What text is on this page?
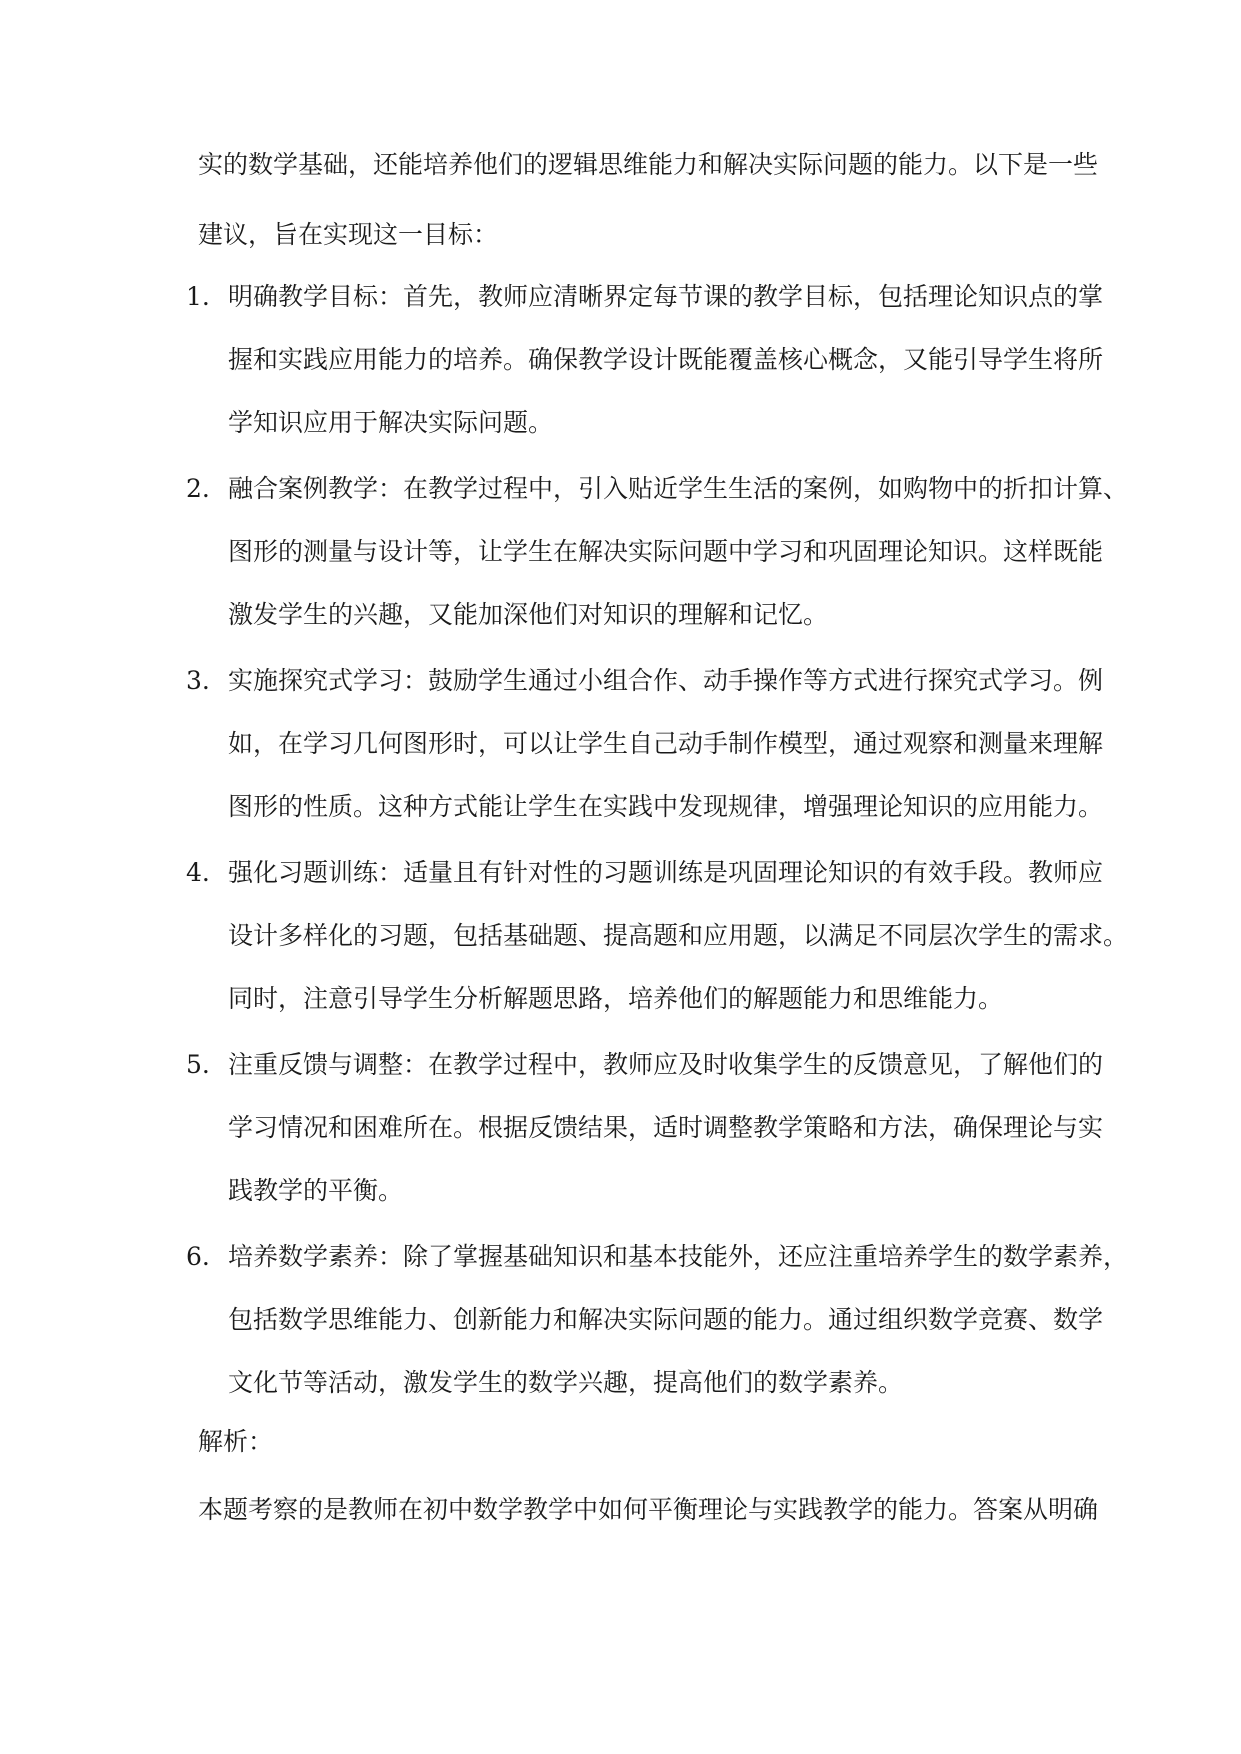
实的数学基础，还能培养他们的逻辑思维能力和解决实际问题的能力。以下是一些
建议，旨在实现这一目标：
1. 明确教学目标：首先，教师应清晰界定每节课的教学目标，包括理论知识点的掌
握和实践应用能力的培养。确保教学设计既能覆盖核心概念，又能引导学生将所
学知识应用于解决实际问题。
2. 融合案例教学：在教学过程中，引入贴近学生生活的案例，如购物中的折扣计算、
图形的测量与设计等，让学生在解决实际问题中学习和巩固理论知识。这样既能
激发学生的兴趣，又能加深他们对知识的理解和记忆。
3. 实施探究式学习：鼓励学生通过小组合作、动手操作等方式进行探究式学习。例
如，在学习几何图形时，可以让学生自己动手制作模型，通过观察和测量来理解
图形的性质。这种方式能让学生在实践中发现规律，增强理论知识的应用能力。
4. 强化习题训练：适量且有针对性的习题训练是巩固理论知识的有效手段。教师应
设计多样化的习题，包括基础题、提高题和应用题，以满足不同层次学生的需求。
同时，注意引导学生分析解题思路，培养他们的解题能力和思维能力。
5. 注重反馈与调整：在教学过程中，教师应及时收集学生的反馈意见，了解他们的
学习情况和困难所在。根据反馈结果，适时调整教学策略和方法，确保理论与实
践教学的平衡。
6. 培养数学素养：除了掌握基础知识和基本技能外，还应注重培养学生的数学素养，
包括数学思维能力、创新能力和解决实际问题的能力。通过组织数学竞赛、数学
文化节等活动，激发学生的数学兴趣，提高他们的数学素养。
解析：
本题考察的是教师在初中数学教学中如何平衡理论与实践教学的能力。答案从明确
